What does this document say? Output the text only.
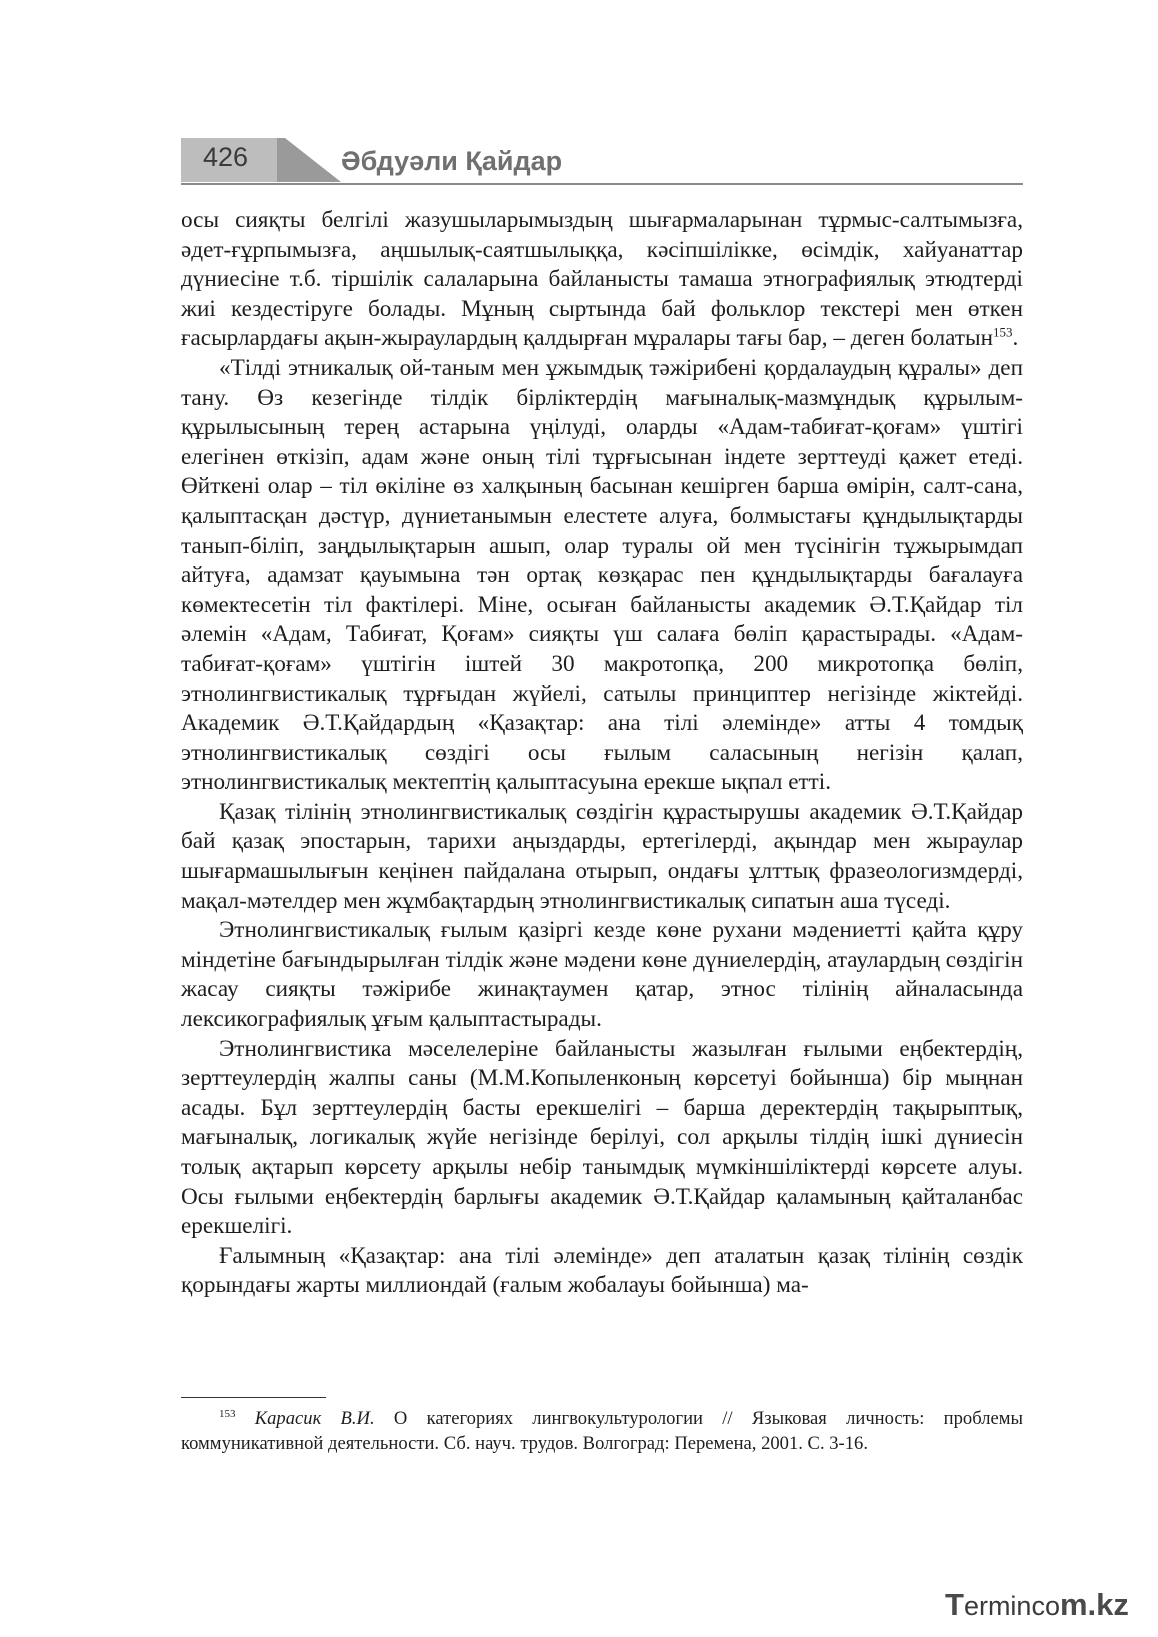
426	Әбдуәли Қайдар

осы сияқты белгілі жазушыларымыздың шығармаларынан тұрмыс-салтымызға, әдет-ғұрпымызға, аңшылық-саятшылыққа, кәсіпшілікке, өсімдік, хайуанаттар дүниесіне т.б. тіршілік салаларына байланысты тамаша этнографиялық этюдтерді жиі кездестіруге болады. Мұның сыртында бай фольклор текстері мен өткен ғасырлардағы ақын-жыраулардың қалдырған мұралары тағы бар, – деген болатын$^{153}$.

«Тілді этникалық ой-таным мен ұжымдық тәжірибені қордалаудың құралы» деп тану. Өз кезегінде тілдік бірліктердің мағыналық-мазмұндық құрылым-құрылысының терең астарына үңілуді, оларды «Адам-табиғат-қоғам» үштігі елегінен өткізіп, адам және оның тілі тұрғысынан індете зерттеуді қажет етеді. Өйткені олар – тіл өкіліне өз халқының басынан кешірген барша өмірін, салт-сана, қалыптасқан дәстүр, дүниетанымын елестете алуға, болмыстағы құндылықтарды танып-біліп, заңдылықтарын ашып, олар туралы ой мен түсінігін тұжырымдап айтуға, адамзат қауымына тән ортақ көзқарас пен құндылықтарды бағалауға көмектесетін тіл фактілері. Міне, осыған байланысты академик Ә.Т.Қайдар тіл әлемін «Адам, Табиғат, Қоғам» сияқты үш салаға бөліп қарастырады. «Адам-табиғат-қоғам» үштігін іштей 30 макротопқа, 200 микротопқа бөліп, этнолингвистикалық тұрғыдан жүйелі, сатылы принциптер негізінде жіктейді. Академик Ә.Т.Қайдардың «Қазақтар: ана тілі әлемінде» атты 4 томдық этнолингвистикалық сөздігі осы ғылым саласының негізін қалап, этнолингвистикалық мектептің қалыптасуына ерекше ықпал етті.

Қазақ тілінің этнолингвистикалық сөздігін құрастырушы академик Ә.Т.Қайдар бай қазақ эпостарын, тарихи аңыздарды, ертегілерді, ақындар мен жыраулар шығармашылығын кеңінен пайдалана отырып, ондағы ұлттық фразеологизмдерді, мақал-мәтелдер мен жұмбақтардың этнолингвистикалық сипатын аша түседі.

Этнолингвистикалық ғылым қазіргі кезде көне рухани мәдениетті қайта құру міндетіне бағындырылған тілдік және мәдени көне дүниелердің, атаулардың сөздігін жасау сияқты тәжірибе жинақтаумен қатар, этнос тілінің айналасында лексикографиялық ұғым қалыптастырады.

Этнолингвистика мәселелеріне байланысты жазылған ғылыми еңбектердің, зерттеулердің жалпы саны (М.М.Копыленконың көрсетуі бойынша) бір мыңнан асады. Бұл зерттеулердің басты ерекшелігі – барша деректердің тақырыптық, мағыналық, логикалық жүйе негізінде берілуі, сол арқылы тілдің ішкі дүниесін толық ақтарып көрсету арқылы небір танымдық мүмкіншіліктерді көрсете алуы. Осы ғылыми еңбектердің барлығы академик Ә.Т.Қайдар қаламының қайталанбас ерекшелігі.

Ғалымның «Қазақтар: ана тілі әлемінде» деп аталатын қазақ тілінің сөздік қорындағы жарты миллиондай (ғалым жобалауы бойынша) ма-

$^{153}$ Карасик В.И. О категориях лингвокультурологии // Языковая личность: проблемы коммуникативной деятельности. Сб. науч. трудов. Волгоград: Перемена, 2001. С. 3-16.

Termincom.kz
